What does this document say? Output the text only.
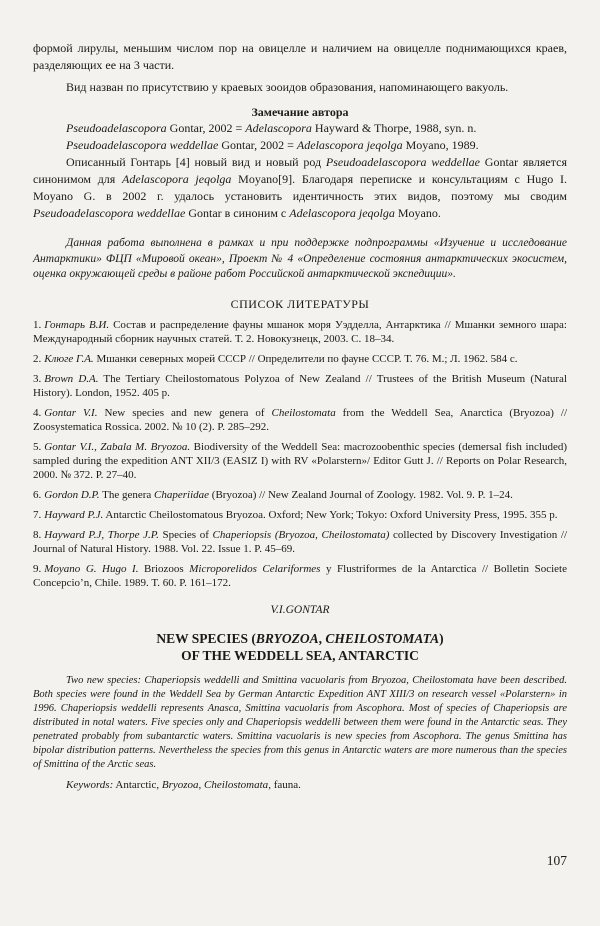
формой лирулы, меньшим числом пор на овицелле и наличием на овицелле поднимающихся краев, разделяющих ее на 3 части.

Вид назван по присутствию у краевых зооидов образования, напоминающего вакуоль.

Замечание автора

Pseudoadelascopora Gontar, 2002 = Adelascopora Hayward & Thorpe, 1988, syn. n.

Pseudoadelascopora weddellae Gontar, 2002 = Adelascopora jeqolga Moyano, 1989.

Описанный Гонтарь [4] новый вид и новый род Pseudoadelascopora weddellae Gontar является синонимом для Adelascopora jeqolga Moyano[9]. Благодаря переписке и консультациям с Hugo I. Moyano G. в 2002 г. удалось установить идентичность этих видов, поэтому мы сводим Pseudoadelascopora weddellae Gontar в синоним с Adelascopora jeqolga Moyano.

Данная работа выполнена в рамках и при поддержке подпрограммы «Изучение и исследование Антарктики» ФЦП «Мировой океан», Проект № 4 «Определение состояния антарктических экосистем, оценка окружающей среды в районе работ Российской антарктической экспедиции».

СПИСОК ЛИТЕРАТУРЫ

1. Гонтарь В.И. Состав и распределение фауны мшанок моря Уэдделла, Антарктика // Мшанки земного шара: Международный сборник научных статей. Т. 2. Новокузнецк, 2003. С. 18–34.

2. Клюге Г.А. Мшанки северных морей СССР // Определители по фауне СССР. Т. 76. М.; Л. 1962. 584 с.

3. Brown D.A. The Tertiary Cheilostomatous Polyzoa of New Zealand // Trustees of the British Museum (Natural History). London, 1952. 405 p.

4. Gontar V.I. New species and new genera of Cheilostomata from the Weddell Sea, Anarctica (Bryozoa) // Zoosystematica Rossica. 2002. № 10 (2). P. 285–292.

5. Gontar V.I., Zabala M. Bryozoa. Biodiversity of the Weddell Sea: macrozoobenthic species (demersal fish included) sampled during the expedition ANT XII/3 (EASIZ I) with RV «Polarstern»/ Editor Gutt J. // Reports on Polar Research, 2000. № 372. P. 27–40.

6. Gordon D.P. The genera Chaperiidae (Bryozoa) // New Zealand Journal of Zoology. 1982. Vol. 9. P. 1–24.

7. Hayward P.J. Antarctic Cheilostomatous Bryozoa. Oxford; New York; Tokyo: Oxford University Press, 1995. 355 p.

8. Hayward P.J, Thorpe J.P. Species of Chaperiopsis (Bryozoa, Cheilostomata) collected by Discovery Investigation // Journal of Natural History. 1988. Vol. 22. Issue 1. P. 45–69.

9. Moyano G. Hugo I. Briozoos Microporelidos Celariformes y Flustriformes de la Antarctica // Bolletin Societe Concepcio’n, Chile. 1989. T. 60. P. 161–172.

V.I.GONTAR

NEW SPECIES (BRYOZOA, CHEILOSTOMATA)
OF THE WEDDELL SEA, ANTARCTIC

Two new species: Chaperiopsis weddelli and Smittina vacuolaris from Bryozoa, Cheilostomata have been described. Both species were found in the Weddell Sea by German Antarctic Expedition ANT XIII/3 on research vessel «Polarstern» in 1996. Chaperiopsis weddelli represents Anasca, Smittina vacuolaris from Ascophora. Most of species of Chaperiopsis are distributed in notal waters. Five species only and Chaperiopsis weddelli between them were found in the Antarctic seas. They penetrated probably from subantarctic waters. Smittina vacuolaris is new species from Ascophora. The genus Smittina has bipolar distribution patterns. Nevertheless the species from this genus in Antarctic waters are more numerous than the species of Smittina of the Arctic seas.

Keywords: Antarctic, Bryozoa, Cheilostomata, fauna.

107
